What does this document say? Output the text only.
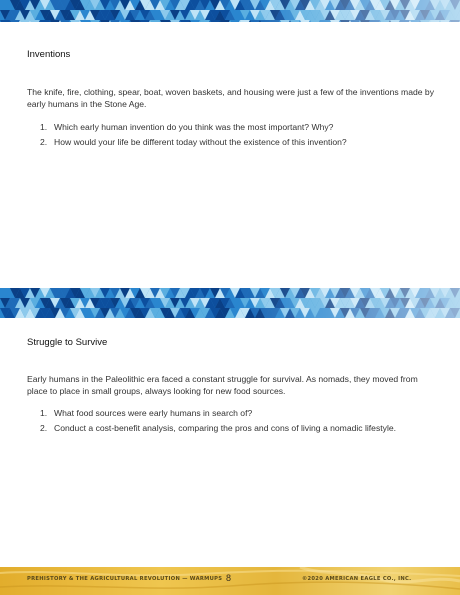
Inventions
The knife, fire, clothing, spear, boat, woven baskets, and housing were just a few of the inventions made by early humans in the Stone Age.
1. Which early human invention do you think was the most important? Why?
2. How would your life be different today without the existence of this invention?
Struggle to Survive
Early humans in the Paleolithic era faced a constant struggle for survival. As nomads, they moved from place to place in small groups, always looking for new food sources.
1. What food sources were early humans in search of?
2. Conduct a cost-benefit analysis, comparing the pros and cons of living a nomadic lifestyle.
PREHISTORY & THE AGRICULTURAL REVOLUTION — WARMUPS 8	©2020 AMERICAN EAGLE CO., INC.
